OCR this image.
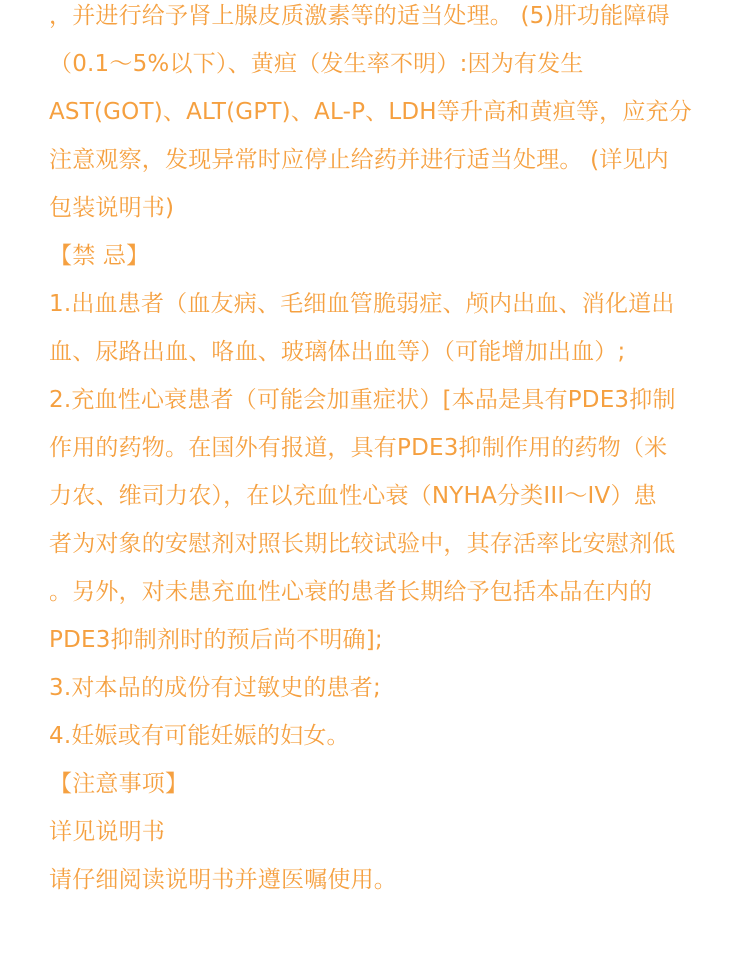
，并进行给予肾上腺皮质激素等的适当处理。 (5)肝功能障碍
（0.1～5%以下）、黄疸（发生率不明）:因为有发生
AST(GOT)、ALT(GPT)、AL-P、LDH等升高和黄疸等，应充分
注意观察，发现异常时应停止给药并进行适当处理。 (详见内
包装说明书)
【禁 忌】
1.出血患者（血友病、毛细血管脆弱症、颅内出血、消化道出
血、尿路出血、咯血、玻璃体出血等）（可能增加出血）;
2.充血性心衰患者（可能会加重症状）[本品是具有PDE3抑制
作用的药物。在国外有报道，具有PDE3抑制作用的药物（米
力农、维司力农），在以充血性心衰（NYHA分类III～IV）患
者为对象的安慰剂对照长期比较试验中，其存活率比安慰剂低
。另外，对未患充血性心衰的患者长期给予包括本品在内的
PDE3抑制剂时的预后尚不明确];
3.对本品的成份有过敏史的患者;
4.妊娠或有可能妊娠的妇女。
【注意事项】
详见说明书
请仔细阅读说明书并遵医嘱使用。
